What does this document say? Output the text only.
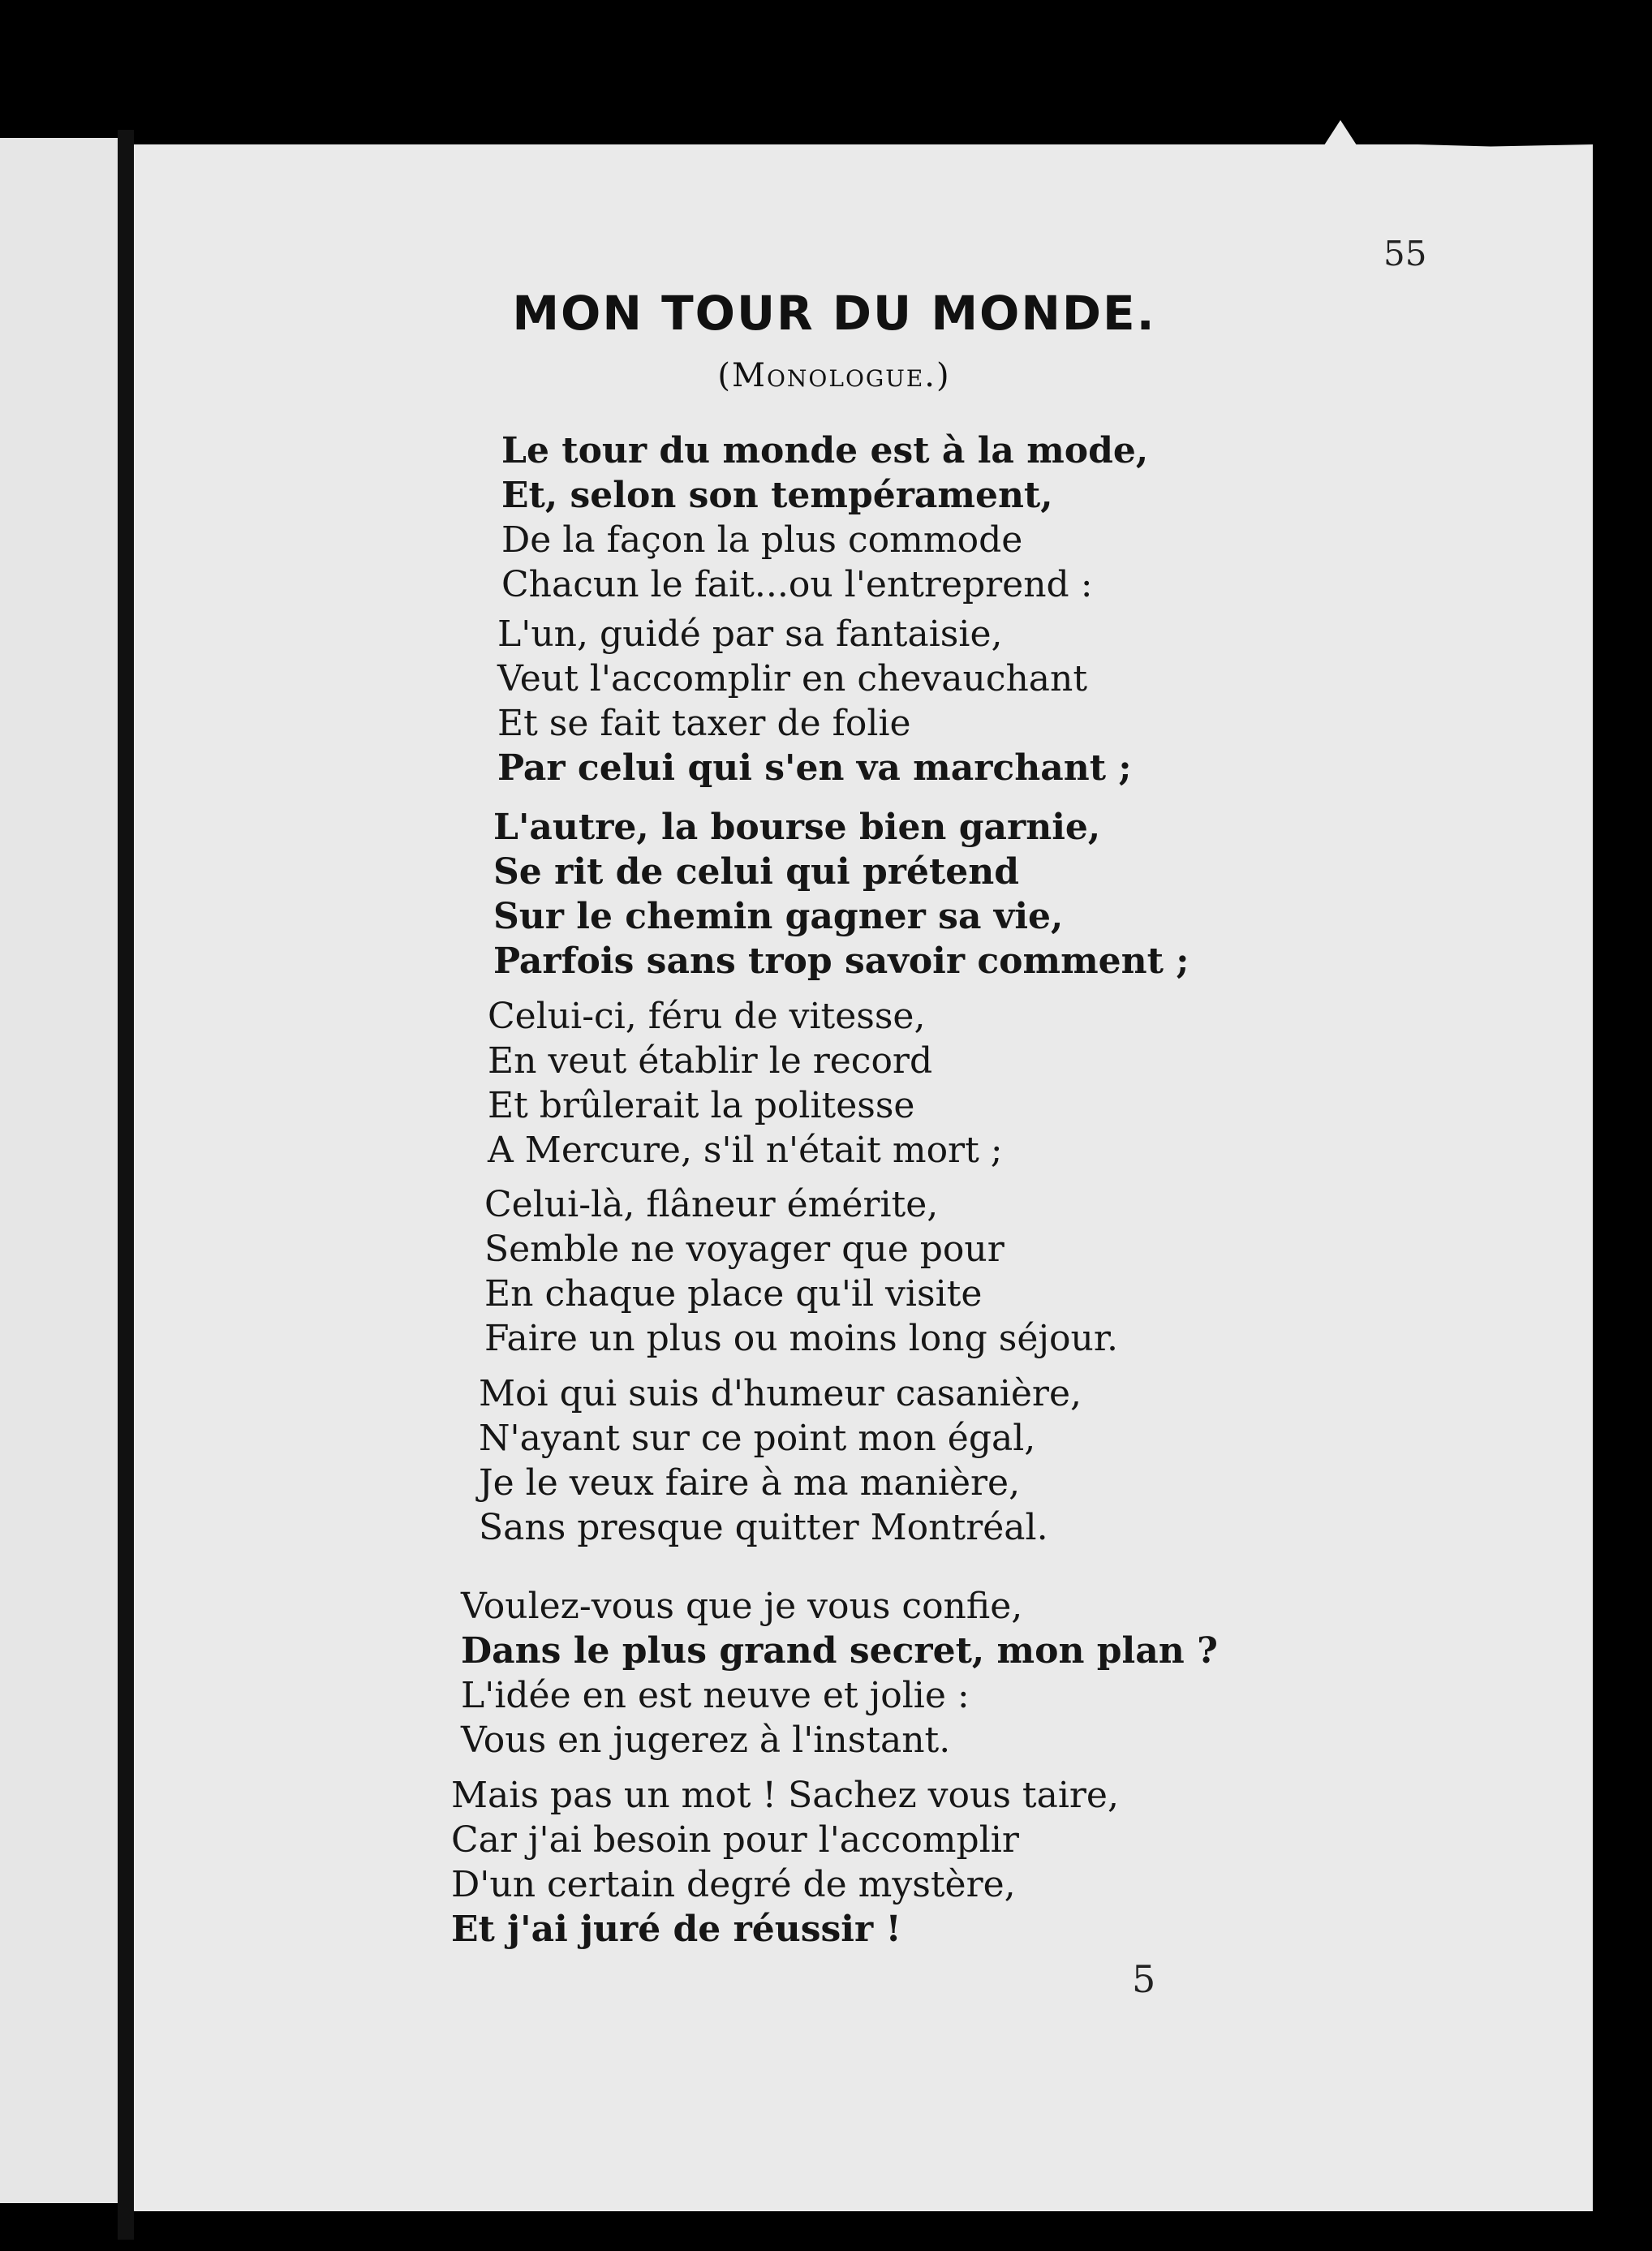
55
MON TOUR DU MONDE.
(Monologue.)
Le tour du monde est à la mode,
Et, selon son tempérament,
De la façon la plus commode
Chacun le fait...ou l'entreprend :
L'un, guidé par sa fantaisie,
Veut l'accomplir en chevauchant
Et se fait taxer de folie
Par celui qui s'en va marchant ;
L'autre, la bourse bien garnie,
Se rit de celui qui prétend
Sur le chemin gagner sa vie,
Parfois sans trop savoir comment ;
Celui-ci, féru de vitesse,
En veut établir le record
Et brûlerait la politesse
A Mercure, s'il n'était mort ;
Celui-là, flâneur émérite,
Semble ne voyager que pour
En chaque place qu'il visite
Faire un plus ou moins long séjour.
Moi qui suis d'humeur casanière,
N'ayant sur ce point mon égal,
Je le veux faire à ma manière,
Sans presque quitter Montréal.
Voulez-vous que je vous confie,
Dans le plus grand secret, mon plan ?
L'idée en est neuve et jolie :
Vous en jugerez à l'instant.
Mais pas un mot ! Sachez vous taire,
Car j'ai besoin pour l'accomplir
D'un certain degré de mystère,
Et j'ai juré de réussir !
5
